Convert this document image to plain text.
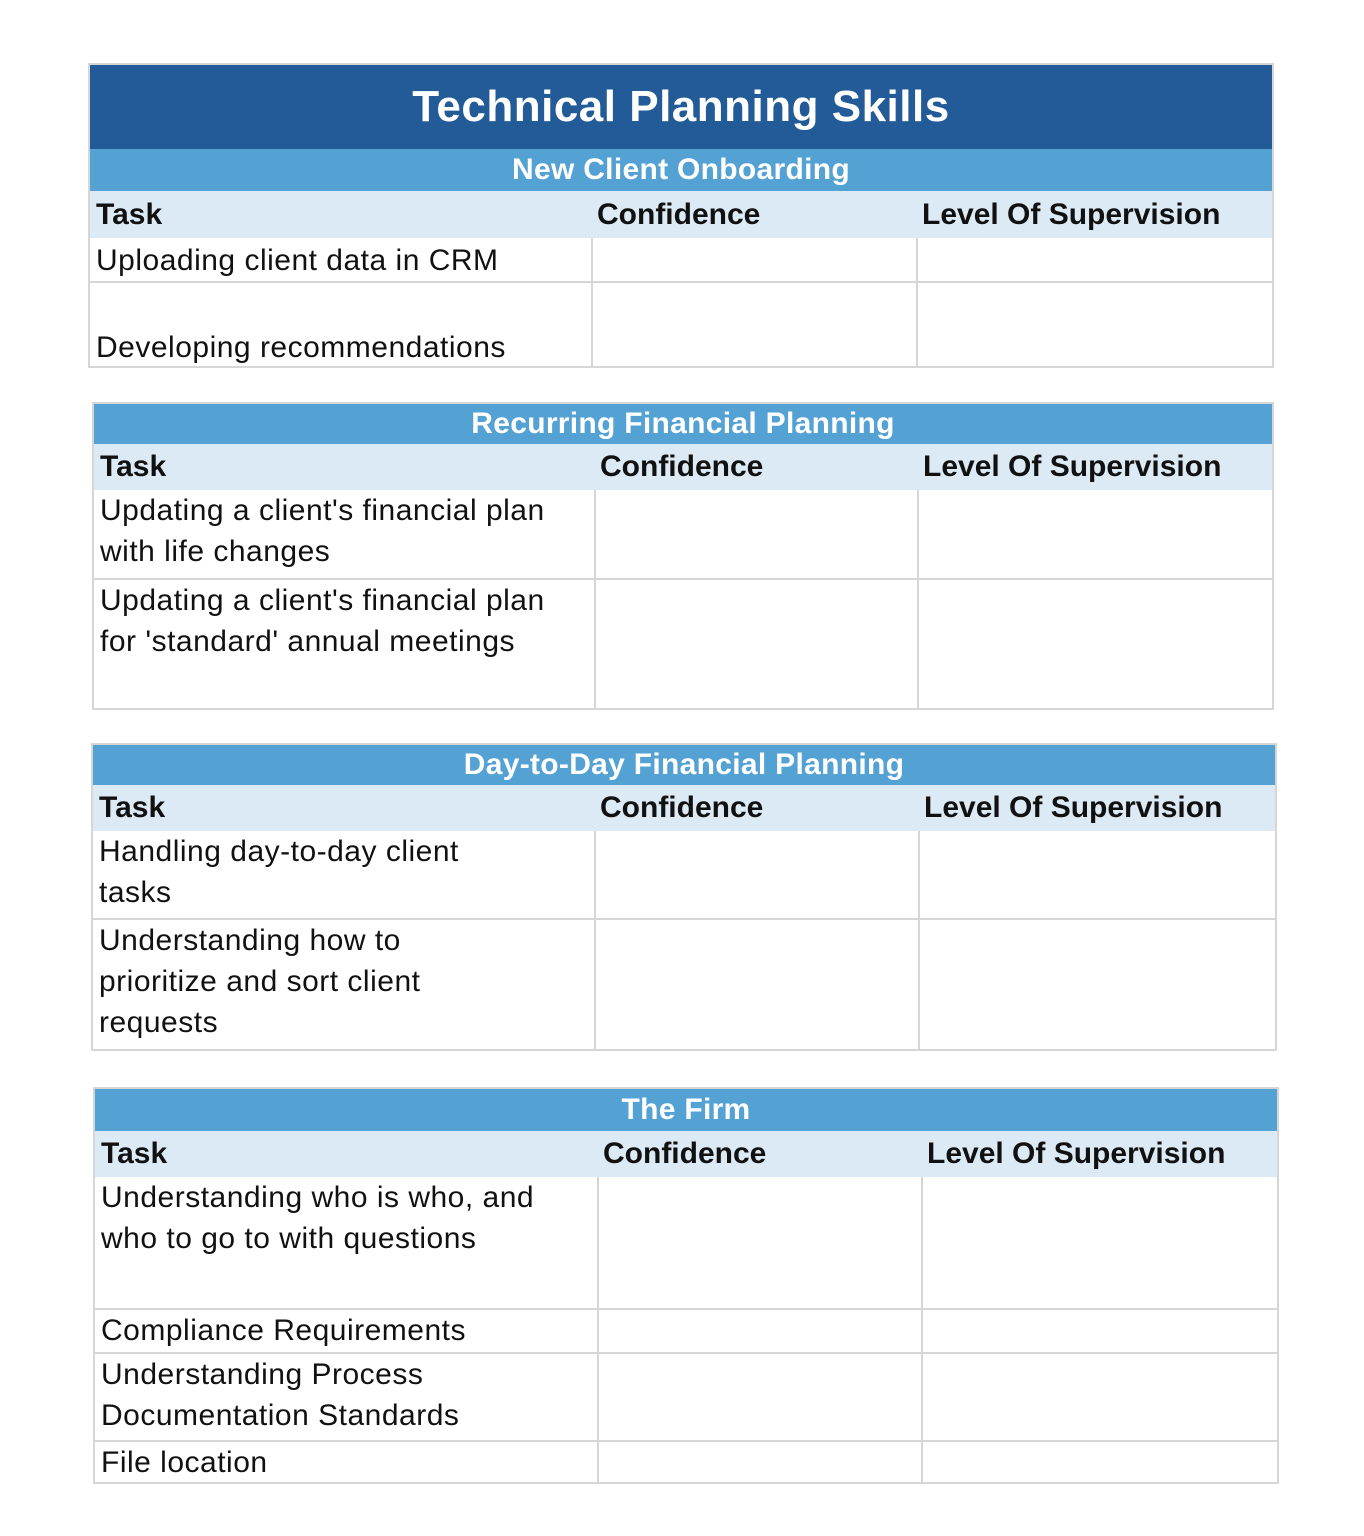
Technical Planning Skills
New Client Onboarding
Task	Confidence	Level Of Supervision
Uploading client data in CRM
Developing recommendations
Recurring Financial Planning
Task	Confidence	Level Of Supervision
Updating a client's financial plan with life changes
Updating a client's financial plan for 'standard' annual meetings
Day-to-Day Financial Planning
Task	Confidence	Level Of Supervision
Handling day-to-day client tasks
Understanding how to prioritize and sort client requests
The Firm
Task	Confidence	Level Of Supervision
Understanding who is who, and who to go to with questions
Compliance Requirements
Understanding Process Documentation Standards
File location
